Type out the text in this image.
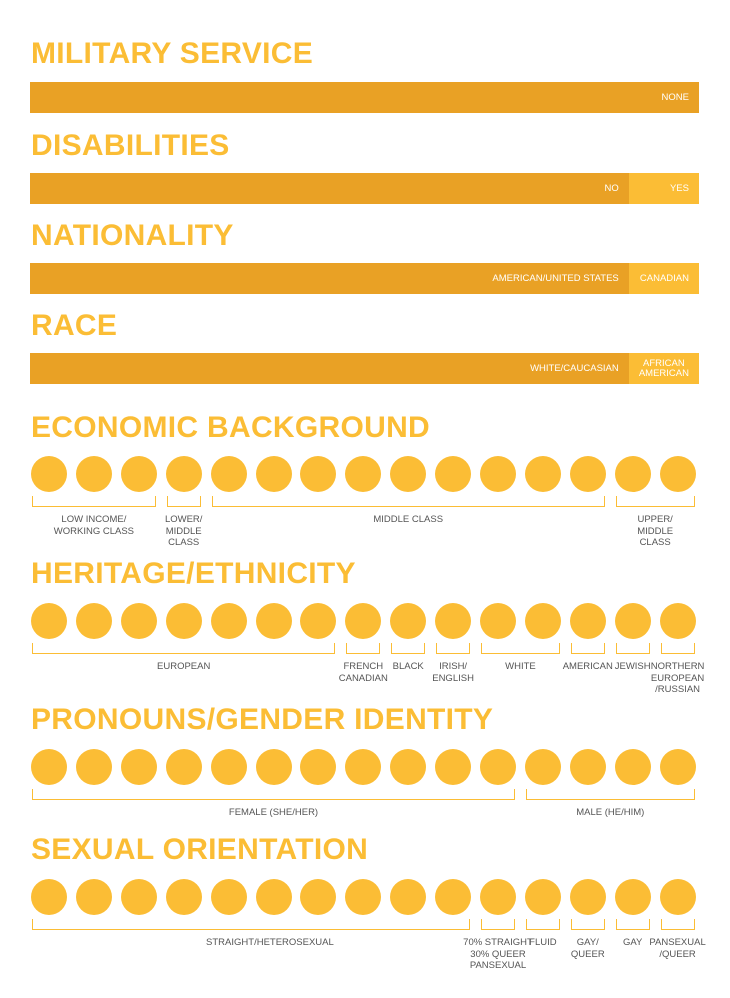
MILITARY SERVICE
NONE
DISABILITIES
NO	YES
NATIONALITY
AMERICAN/UNITED STATES CANADIAN
RACE
WHITE/CAUCASIAN	AFRICAN
AMERICAN
ECONOMIC BACKGROUND
LOW INCOME/
WORKING CLASS
LOWER/
MIDDLE
CLASS
MIDDLE CLASS	UPPER/
MIDDLE
CLASS
HERITAGE/ETHNICITY
EUROPEAN	FRENCH
CANADIAN
BLACK	IRISH/
ENGLISH
WHITE	AMERICAN JEWISH NORTHERN
EUROPEAN
/RUSSIAN
PRONOUNS/GENDER IDENTITY
FEMALE (SHE/HER)	MALE (HE/HIM)
SEXUAL ORIENTATION
STRAIGHT/HETEROSEXUAL	70% STRAIGHT
30% QUEER
PANSEXUAL
FLUID	GAY/
QUEER
GAY PANSEXUAL
/QUEER
